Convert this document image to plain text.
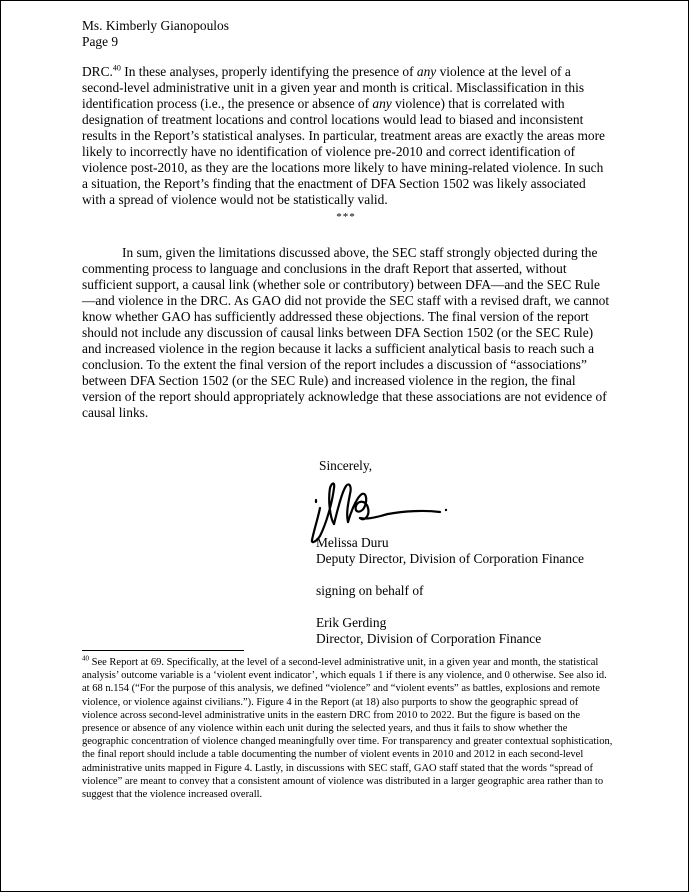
Ms. Kimberly Gianopoulos
Page 9

DRC.$^{40}$ In these analyses, properly identifying the presence of any violence at the level of a second-level administrative unit in a given year and month is critical. Misclassification in this identification process (i.e., the presence or absence of any violence) that is correlated with designation of treatment locations and control locations would lead to biased and inconsistent results in the Report’s statistical analyses. In particular, treatment areas are exactly the areas more likely to incorrectly have no identification of violence pre-2010 and correct identification of violence post-2010, as they are the locations more likely to have mining-related violence. In such a situation, the Report’s finding that the enactment of DFA Section 1502 was likely associated with a spread of violence would not be statistically valid.

***

In sum, given the limitations discussed above, the SEC staff strongly objected during the commenting process to language and conclusions in the draft Report that asserted, without sufficient support, a causal link (whether sole or contributory) between DFA—and the SEC Rule—and violence in the DRC. As GAO did not provide the SEC staff with a revised draft, we cannot know whether GAO has sufficiently addressed these objections. The final version of the report should not include any discussion of causal links between DFA Section 1502 (or the SEC Rule) and increased violence in the region because it lacks a sufficient analytical basis to reach such a conclusion. To the extent the final version of the report includes a discussion of “associations” between DFA Section 1502 (or the SEC Rule) and increased violence in the region, the final version of the report should appropriately acknowledge that these associations are not evidence of causal links.

Sincerely,
Melissa Duru
Deputy Director, Division of Corporation Finance
signing on behalf of
Erik Gerding
Director, Division of Corporation Finance

$^{40}$ See Report at 69. Specifically, at the level of a second-level administrative unit, in a given year and month, the statistical analysis’ outcome variable is a ‘violent event indicator’, which equals 1 if there is any violence, and 0 otherwise. See also id. at 68 n.154 (“For the purpose of this analysis, we defined “violence” and “violent events” as battles, explosions and remote violence, or violence against civilians.”). Figure 4 in the Report (at 18) also purports to show the geographic spread of violence across second-level administrative units in the eastern DRC from 2010 to 2022. But the figure is based on the presence or absence of any violence within each unit during the selected years, and thus it fails to show whether the geographic concentration of violence changed meaningfully over time. For transparency and greater contextual sophistication, the final report should include a table documenting the number of violent events in 2010 and 2012 in each second-level administrative units mapped in Figure 4. Lastly, in discussions with SEC staff, GAO staff stated that the words “spread of violence” are meant to convey that a consistent amount of violence was distributed in a larger geographic area rather than to suggest that the violence increased overall.
